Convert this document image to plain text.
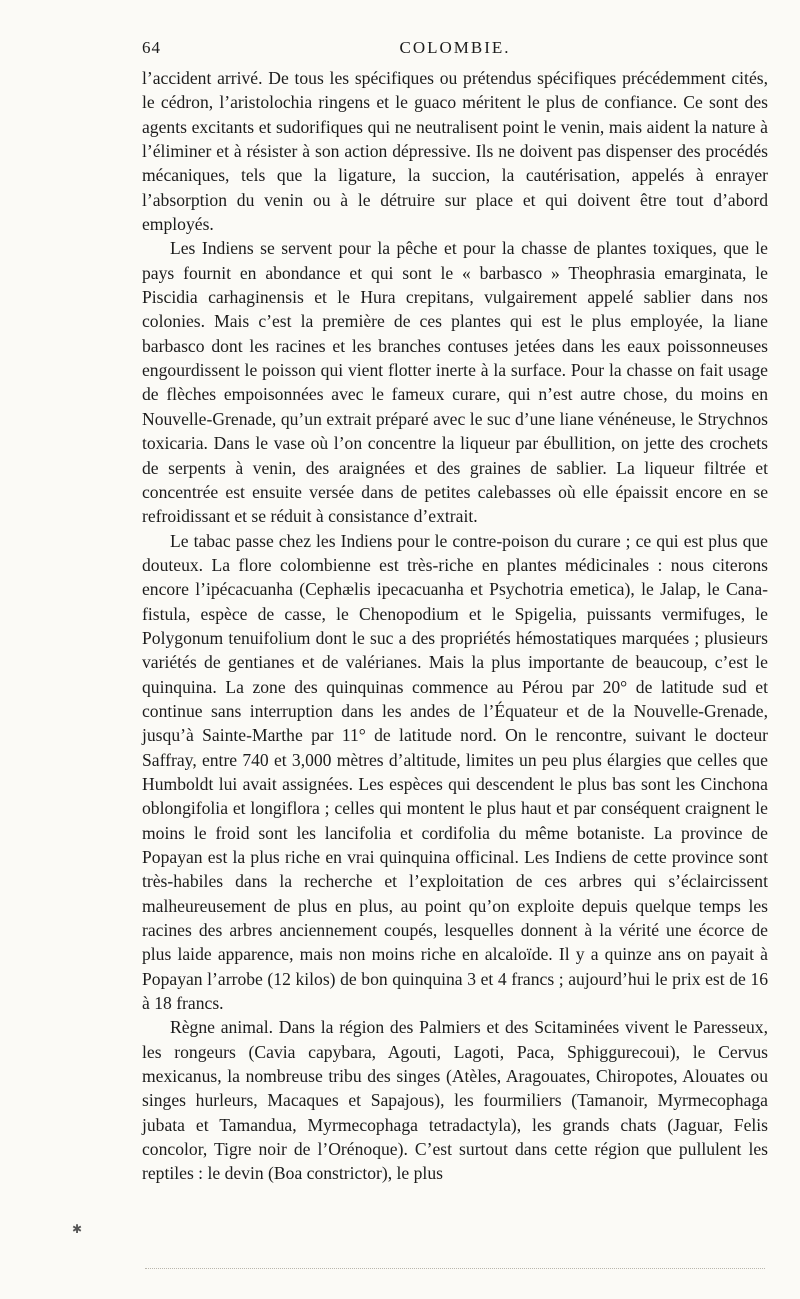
64	COLOMBIE.

l’accident arrivé. De tous les spécifiques ou prétendus spécifiques précédemment cités, le cédron, l’aristolochia ringens et le guaco méritent le plus de confiance. Ce sont des agents excitants et sudorifiques qui ne neutralisent point le venin, mais aident la nature à l’éliminer et à résister à son action dépressive. Ils ne doivent pas dispenser des procédés mécaniques, tels que la ligature, la succion, la cautérisation, appelés à enrayer l’absorption du venin ou à le détruire sur place et qui doivent être tout d’abord employés.

Les Indiens se servent pour la pêche et pour la chasse de plantes toxiques, que le pays fournit en abondance et qui sont le « barbasco » Theophrasia emarginata, le Piscidia carhaginensis et le Hura crepitans, vulgairement appelé sablier dans nos colonies. Mais c’est la première de ces plantes qui est le plus employée, la liane barbasco dont les racines et les branches contuses jetées dans les eaux poissonneuses engourdissent le poisson qui vient flotter inerte à la surface. Pour la chasse on fait usage de flèches empoisonnées avec le fameux curare, qui n’est autre chose, du moins en Nouvelle-Grenade, qu’un extrait préparé avec le suc d’une liane vénéneuse, le Strychnos toxicaria. Dans le vase où l’on concentre la liqueur par ébullition, on jette des crochets de serpents à venin, des araignées et des graines de sablier. La liqueur filtrée et concentrée est ensuite versée dans de petites calebasses où elle épaissit encore en se refroidissant et se réduit à consistance d’extrait.

Le tabac passe chez les Indiens pour le contre-poison du curare ; ce qui est plus que douteux. La flore colombienne est très-riche en plantes médicinales : nous citerons encore l’ipécacuanha (Cephælis ipecacuanha et Psychotria emetica), le Jalap, le Cana-fistula, espèce de casse, le Chenopodium et le Spigelia, puissants vermifuges, le Polygonum tenuifolium dont le suc a des propriétés hémostatiques marquées ; plusieurs variétés de gentianes et de valérianes. Mais la plus importante de beaucoup, c’est le quinquina. La zone des quinquinas commence au Pérou par 20° de latitude sud et continue sans interruption dans les andes de l’Équateur et de la Nouvelle-Grenade, jusqu’à Sainte-Marthe par 11° de latitude nord. On le rencontre, suivant le docteur Saffray, entre 740 et 3,000 mètres d’altitude, limites un peu plus élargies que celles que Humboldt lui avait assignées. Les espèces qui descendent le plus bas sont les Cinchona oblongifolia et longiflora ; celles qui montent le plus haut et par conséquent craignent le moins le froid sont les lancifolia et cordifolia du même botaniste. La province de Popayan est la plus riche en vrai quinquina officinal. Les Indiens de cette province sont très-habiles dans la recherche et l’exploitation de ces arbres qui s’éclaircissent malheureusement de plus en plus, au point qu’on exploite depuis quelque temps les racines des arbres anciennement coupés, lesquelles donnent à la vérité une écorce de plus laide apparence, mais non moins riche en alcaloïde. Il y a quinze ans on payait à Popayan l’arrobe (12 kilos) de bon quinquina 3 et 4 francs ; aujourd’hui le prix est de 16 à 18 francs.

Règne animal. Dans la région des Palmiers et des Scitaminées vivent le Paresseux, les rongeurs (Cavia capybara, Agouti, Lagoti, Paca, Sphiggurecoui), le Cervus mexicanus, la nombreuse tribu des singes (Atèles, Aragouates, Chiropotes, Alouates ou singes hurleurs, Macaques et Sapajous), les fourmiliers (Tamanoir, Myrmecophaga jubata et Tamandua, Myrmecophaga tetradactyla), les grands chats (Jaguar, Felis concolor, Tigre noir de l’Orénoque). C’est surtout dans cette région que pullulent les reptiles : le devin (Boa constrictor), le plus

✱
